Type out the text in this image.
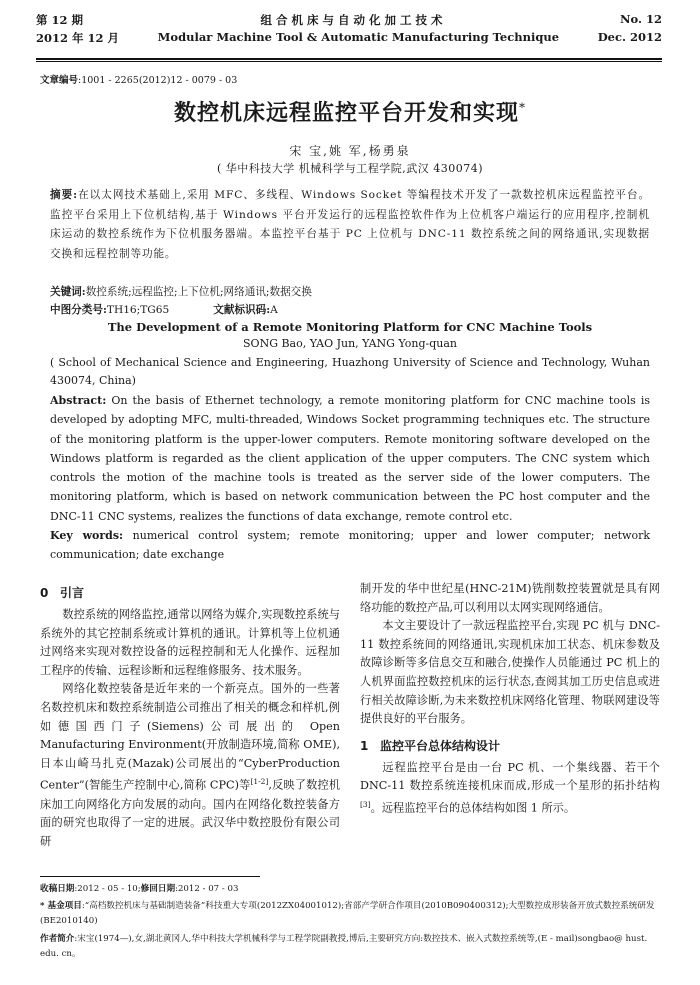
第 12 期	组 合 机 床 与 自 动 化 加 工 技 术	No. 12
2012 年 12 月	Modular Machine Tool & Automatic Manufacturing Technique	Dec. 2012
文章编号:1001 - 2265(2012)12 - 0079 - 03
数控机床远程监控平台开发和实现*
宋 宝,姚 军,杨勇泉
( 华中科技大学 机械科学与工程学院,武汉 430074)
摘要:在以太网技术基础上,采用 MFC、多线程、Windows Socket 等编程技术开发了一款数控机床远程监控平台。监控平台采用上下位机结构,基于 Windows 平台开发运行的远程监控软件作为上位机客户端运行的应用程序,控制机床运动的数控系统作为下位机服务器端。本监控平台基于 PC 上位机与 DNC-11 数控系统之间的网络通讯,实现数据交换和远程控制等功能。
关键词:数控系统;远程监控;上下位机;网络通讯;数据交换
中图分类号:TH16;TG65	文献标识码:A
The Development of a Remote Monitoring Platform for CNC Machine Tools
SONG Bao, YAO Jun, YANG Yong-quan
( School of Mechanical Science and Engineering, Huazhong University of Science and Technology, Wuhan 430074, China)
Abstract: On the basis of Ethernet technology, a remote monitoring platform for CNC machine tools is developed by adopting MFC, multi-threaded, Windows Socket programming techniques etc. The structure of the monitoring platform is the upper-lower computers. Remote monitoring software developed on the Windows platform is regarded as the client application of the upper computers. The CNC system which controls the motion of the machine tools is treated as the server side of the lower computers. The monitoring platform, which is based on network communication between the PC host computer and the DNC-11 CNC systems, realizes the functions of data exchange, remote control etc.
Key words: numerical control system; remote monitoring; upper and lower computer; network communication; date exchange
0 引言
数控系统的网络监控,通常以网络为媒介,实现数控系统与系统外的其它控制系统或计算机的通讯。计算机等上位机通过网络来实现对数控设备的远程控制和无人化操作、远程加工程序的传输、远程诊断和远程维修服务、技术服务。
网络化数控装备是近年来的一个新亮点。国外的一些著名数控机床和数控系统制造公司推出了相关的概念和样机,例如德国西门子(Siemens)公司展出的 Open Manufacturing Environment(开放制造环境,简称 OME),日本山崎马扎克(Mazak)公司展出的“CyberProduction Center”(智能生产控制中心,简称 CPC)等[1-2],反映了数控机床加工向网络化方向发展的动向。国内在网络化数控装备方面的研究也取得了一定的进展。武汉华中数控股份有限公司研
制开发的华中世纪星(HNC-21M)铣削数控装置就是具有网络功能的数控产品,可以利用以太网实现网络通信。
本文主要设计了一款远程监控平台,实现 PC 机与 DNC-11 数控系统间的网络通讯,实现机床加工状态、机床参数及故障诊断等多信息交互和融合,使操作人员能通过 PC 机上的人机界面监控数控机床的运行状态,查阅其加工历史信息或进行相关故障诊断,为未来数控机床网络化管理、物联网建设等提供良好的平台服务。
1 监控平台总体结构设计
远程监控平台是由一台 PC 机、一个集线器、若干个 DNC-11 数控系统连接机床而成,形成一个星形的拓扑结构[3]。远程监控平台的总体结构如图 1 所示。
收稿日期:2012 - 05 - 10;修回日期:2012 - 07 - 03
* 基金项目:“高档数控机床与基础制造装备”科技重大专项(2012ZX04001012);省部产学研合作项目(2010B090400312);大型数控成形装备开放式数控系统研发(BE2010140)
作者简介:宋宝(1974—),女,湖北黄冈人,华中科技大学机械科学与工程学院副教授,博后,主要研究方向:数控技术、嵌入式数控系统等,(E - mail)songbao@ hust. edu. cn。
